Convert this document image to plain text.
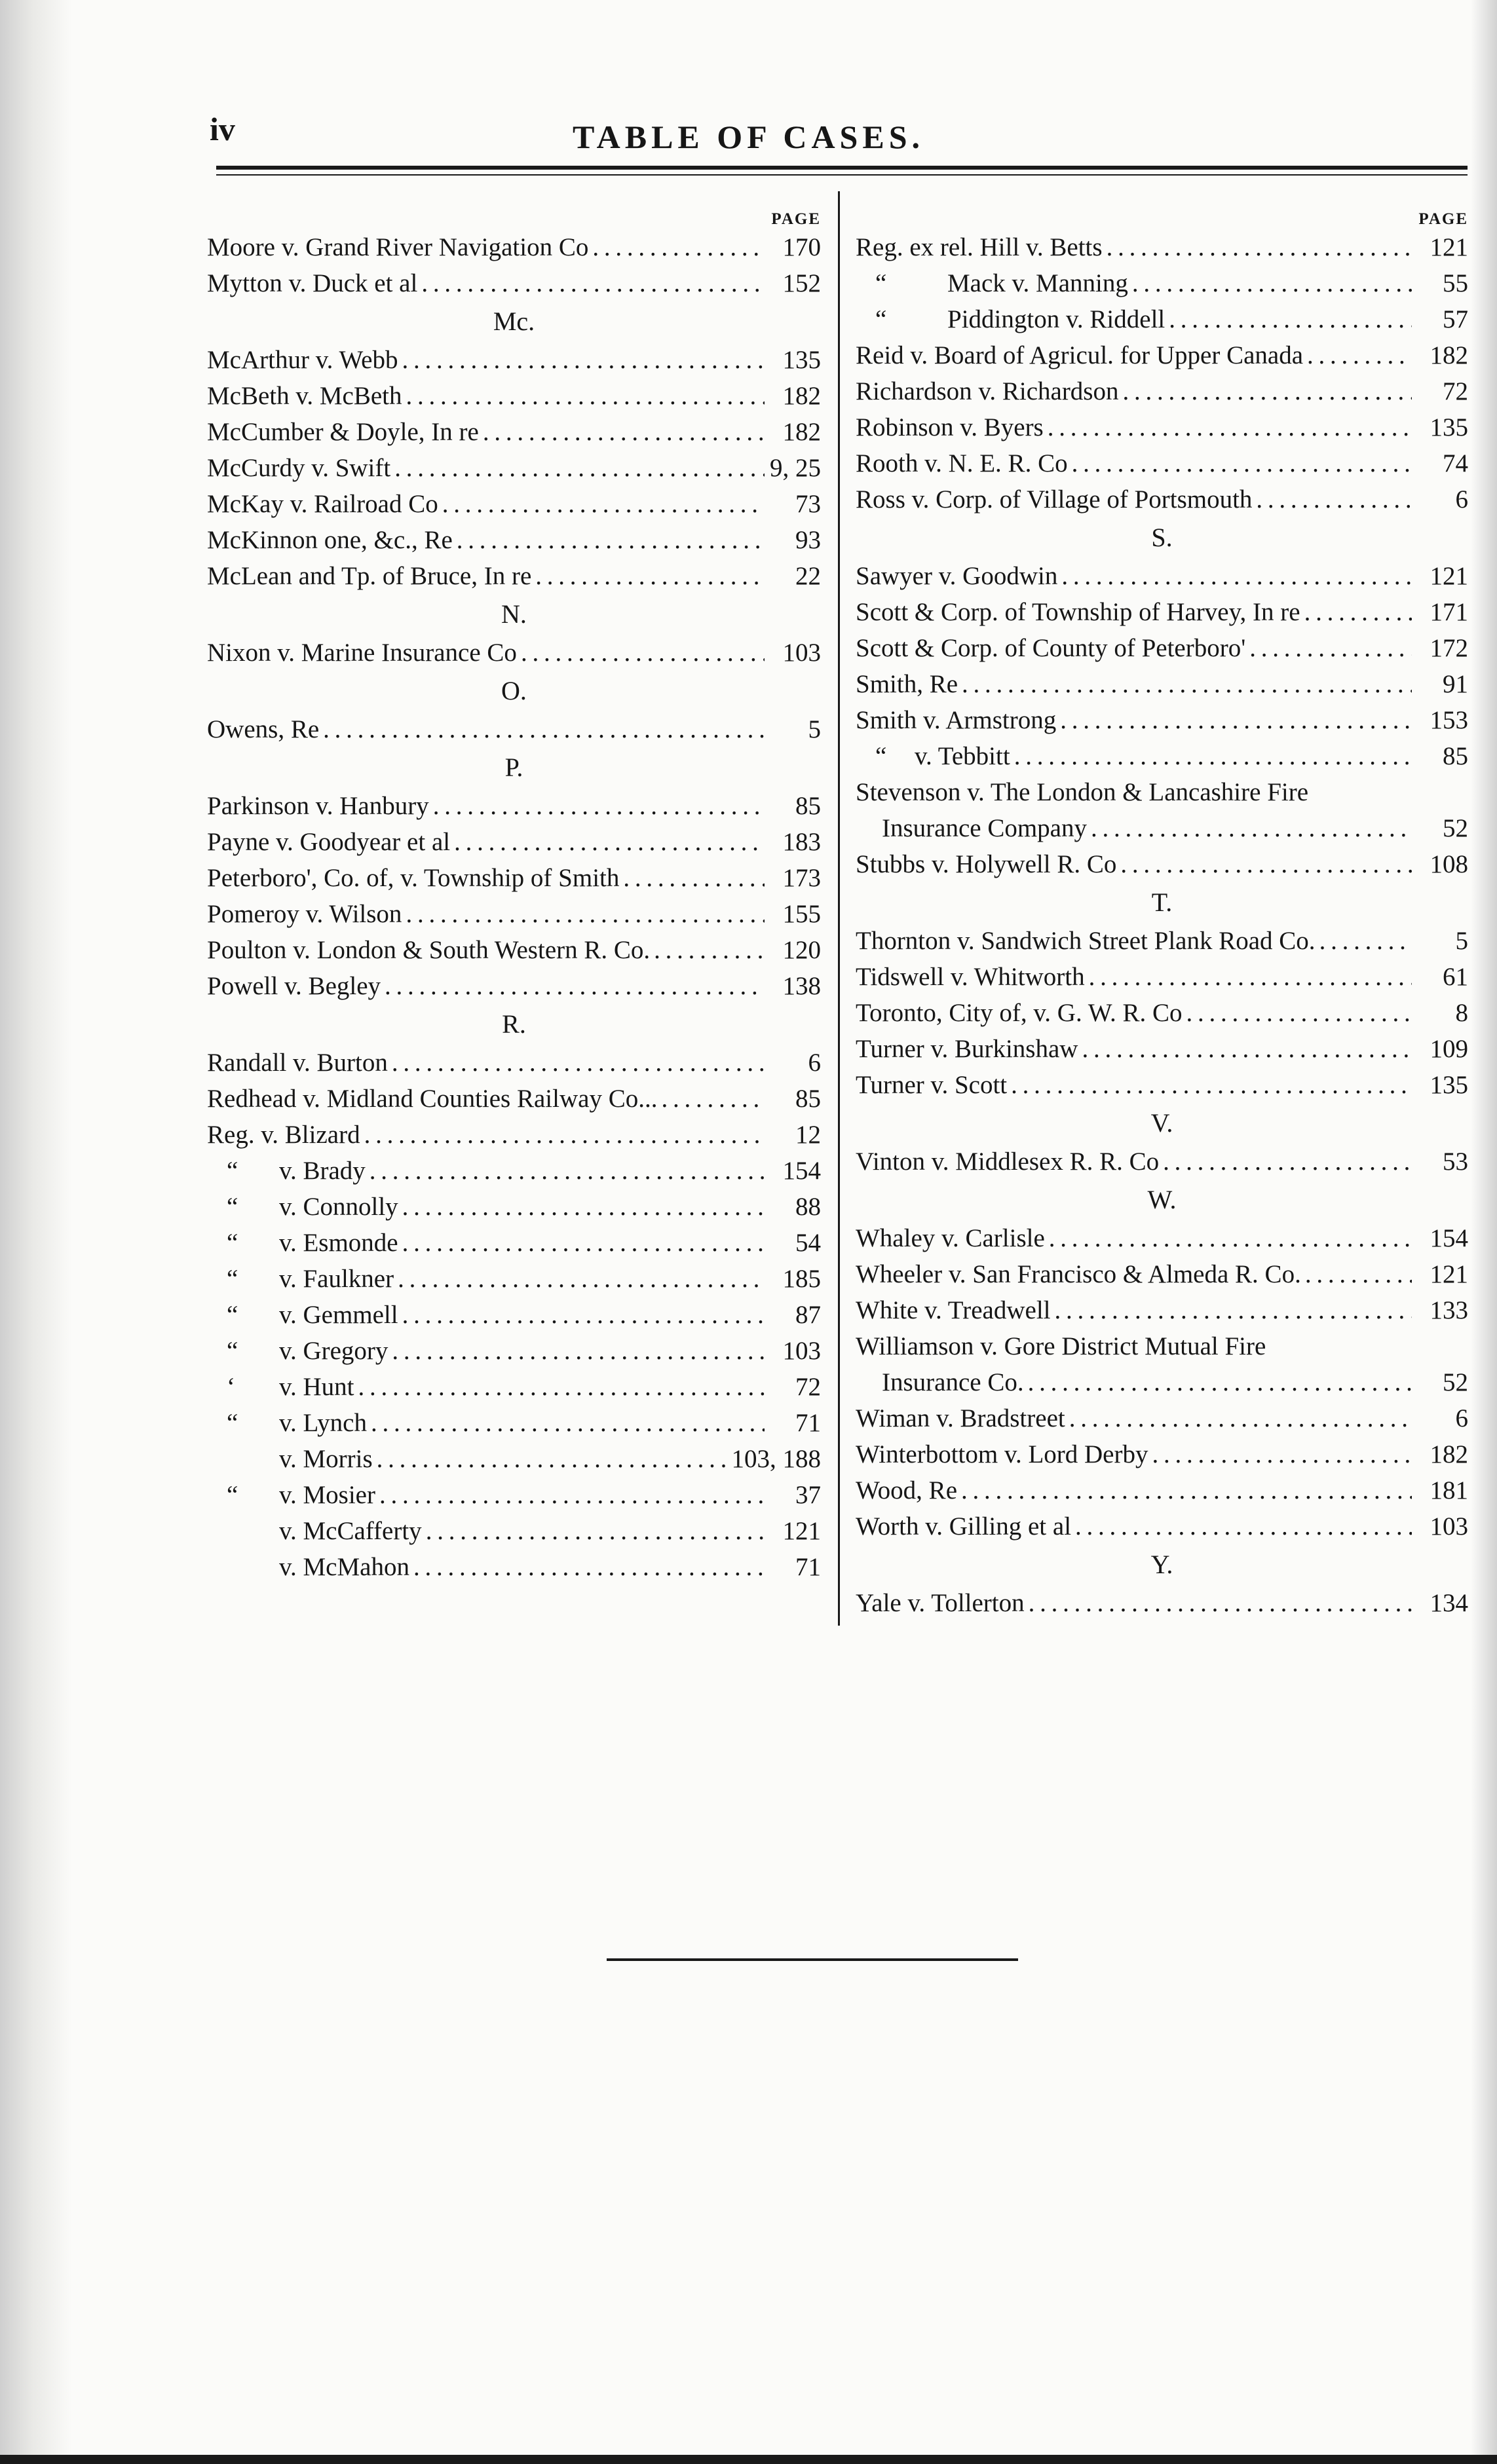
iv	TABLE OF CASES.
PAGE
Moore v. Grand River Navigation Co . . .	170
Mytton v. Duck et al . . .	152
Mc.
McArthur v. Webb . . .	135
McBeth v. McBeth . . .	182
McCumber & Doyle, In re . . .	182
McCurdy v. Swift . . .	9, 25
McKay v. Railroad Co . . .	73
McKinnon one, &c., Re . . .	93
McLean and Tp. of Bruce, In re . . .	22
N.
Nixon v. Marine Insurance Co . . .	103
O.
Owens, Re . . .	5
P.
Parkinson v. Hanbury . . .	85
Payne v. Goodyear et al . . .	183
Peterboro', Co. of, v. Township of Smith . . .	173
Pomeroy v. Wilson . . .	155
Poulton v. London & South Western R. Co. . . .	120
Powell v. Begley . . .	138
R.
Randall v. Burton . . .	6
Redhead v. Midland Counties Railway Co... . . .	85
Reg. v. Blizard . . .	12
“ v. Brady . . .	154
“ v. Connolly . . .	88
“ v. Esmonde . . .	54
“ v. Faulkner . . .	185
“ v. Gemmell . . .	87
“ v. Gregory . . .	103
‘ v. Hunt . . .	72
“ v. Lynch . . .	71
v. Morris . . .	103, 188
“ v. Mosier . . .	37
v. McCafferty . . .	121
v. McMahon . . .	71
PAGE
Reg. ex rel. Hill v. Betts . . .	121
“ Mack v. Manning . . .	55
“ Piddington v. Riddell . . .	57
Reid v. Board of Agricul. for Upper Canada . . .	182
Richardson v. Richardson . . .	72
Robinson v. Byers . . .	135
Rooth v. N. E. R. Co . . .	74
Ross v. Corp. of Village of Portsmouth . . .	6
S.
Sawyer v. Goodwin . . .	121
Scott & Corp. of Township of Harvey, In re . . .	171
Scott & Corp. of County of Peterboro' . . .	172
Smith, Re . . .	91
Smith v. Armstrong . . .	153
“ v. Tebbitt . . .	85
Stevenson v. The London & Lancashire Fire
Insurance Company . . .	52
Stubbs v. Holywell R. Co . . .	108
T.
Thornton v. Sandwich Street Plank Road Co. . . .	5
Tidswell v. Whitworth . . .	61
Toronto, City of, v. G. W. R. Co . . .	8
Turner v. Burkinshaw . . .	109
Turner v. Scott . . .	135
V.
Vinton v. Middlesex R. R. Co . . .	53
W.
Whaley v. Carlisle . . .	154
Wheeler v. San Francisco & Almeda R. Co. . . .	121
White v. Treadwell . . .	133
Williamson v. Gore District Mutual Fire
Insurance Co. . . .	52
Wiman v. Bradstreet . . .	6
Winterbottom v. Lord Derby . . .	182
Wood, Re . . .	181
Worth v. Gilling et al . . .	103
Y.
Yale v. Tollerton . . .	134
